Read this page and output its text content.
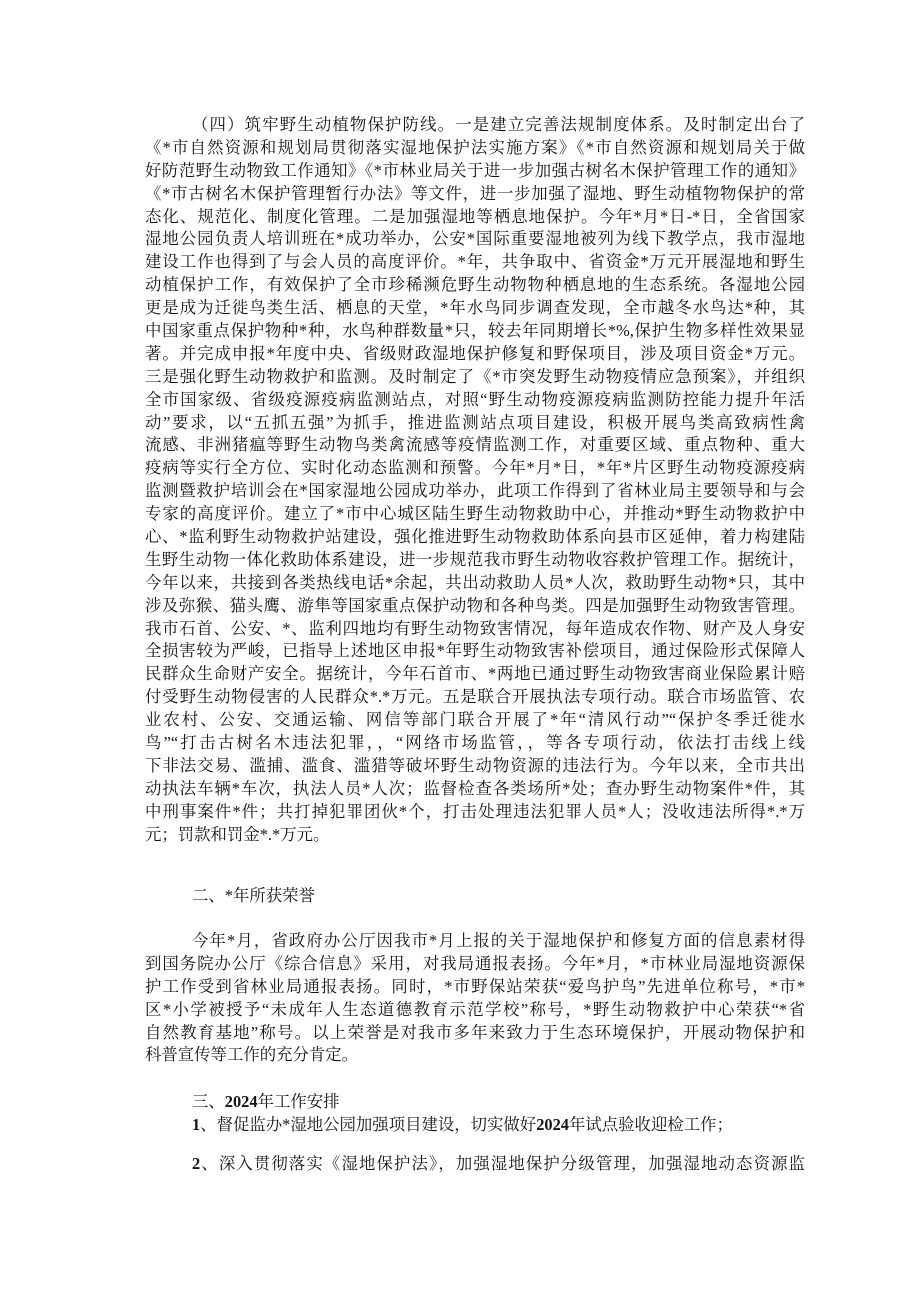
（四）筑牢野生动植物保护防线。一是建立完善法规制度体系。及时制定出台了
《*市自然资源和规划局贯彻落实湿地保护法实施方案》《*市自然资源和规划局关于做
好防范野生动物致工作通知》《*市林业局关于进一步加强古树名木保护管理工作的通知》
《*市古树名木保护管理暂行办法》等文件，进一步加强了湿地、野生动植物物保护的常
态化、规范化、制度化管理。二是加强湿地等栖息地保护。今年*月*日-*日，全省国家
湿地公园负责人培训班在*成功举办，公安*国际重要湿地被列为线下教学点，我市湿地
建设工作也得到了与会人员的高度评价。*年，共争取中、省资金*万元开展湿地和野生
动植保护工作，有效保护了全市珍稀濒危野生动物物种栖息地的生态系统。各湿地公园
更是成为迁徙鸟类生活、栖息的天堂，*年水鸟同步调查发现，全市越冬水鸟达*种，其
中国家重点保护物种*种，水鸟种群数量*只，较去年同期增长*%,保护生物多样性效果显
著。并完成申报*年度中央、省级财政湿地保护修复和野保项目，涉及项目资金*万元。
三是强化野生动物救护和监测。及时制定了《*市突发野生动物疫情应急预案》，并组织
全市国家级、省级疫源疫病监测站点，对照“野生动物疫源疫病监测防控能力提升年活
动”要求，以“五抓五强”为抓手，推进监测站点项目建设，积极开展鸟类高致病性禽
流感、非洲猪瘟等野生动物鸟类禽流感等疫情监测工作，对重要区域、重点物种、重大
疫病等实行全方位、实时化动态监测和预警。今年*月*日，*年*片区野生动物疫源疫病
监测暨救护培训会在*国家湿地公园成功举办，此项工作得到了省林业局主要领导和与会
专家的高度评价。建立了*市中心城区陆生野生动物救助中心，并推动*野生动物救护中
心、*监利野生动物救护站建设，强化推进野生动物救助体系向县市区延伸，着力构建陆
生野生动物一体化救助体系建设，进一步规范我市野生动物收容救护管理工作。据统计，
今年以来，共接到各类热线电话*余起，共出动救助人员*人次，救助野生动物*只，其中
涉及弥猴、猫头鹰、游隼等国家重点保护动物和各种鸟类。四是加强野生动物致害管理。
我市石首、公安、*、监利四地均有野生动物致害情况，每年造成农作物、财产及人身安
全损害较为严峻，已指导上述地区申报*年野生动物致害补偿项目，通过保险形式保障人
民群众生命财产安全。据统计，今年石首市、*两地已通过野生动物致害商业保险累计赔
付受野生动物侵害的人民群众*.*万元。五是联合开展执法专项行动。联合市场监管、农
业农村、公安、交通运输、网信等部门联合开展了*年“清风行动”“保护冬季迁徙水
鸟”“打击古树名木违法犯罪，，“网络市场监管，，等各专项行动，依法打击线上线
下非法交易、滥捕、滥食、滥猎等破坏野生动物资源的违法行为。今年以来，全市共出
动执法车辆*车次，执法人员*人次；监督检查各类场所*处；查办野生动物案件*件，其
中刑事案件*件；共打掉犯罪团伙*个，打击处理违法犯罪人员*人；没收违法所得*.*万
元；罚款和罚金*.*万元。
二、*年所获荣誉
今年*月，省政府办公厅因我市*月上报的关于湿地保护和修复方面的信息素材得
到国务院办公厅《综合信息》采用，对我局通报表扬。今年*月，*市林业局湿地资源保
护工作受到省林业局通报表扬。同时，*市野保站荣获“爱鸟护鸟”先进单位称号，*市*
区*小学被授予“未成年人生态道德教育示范学校”称号，*野生动物救护中心荣获“*省
自然教育基地”称号。以上荣誉是对我市多年来致力于生态环境保护，开展动物保护和
科普宣传等工作的充分肯定。
三、2024年工作安排
1、督促监办*湿地公园加强项目建设，切实做好2024年试点验收迎检工作；
2、深入贯彻落实《湿地保护法》，加强湿地保护分级管理，加强湿地动态资源监
